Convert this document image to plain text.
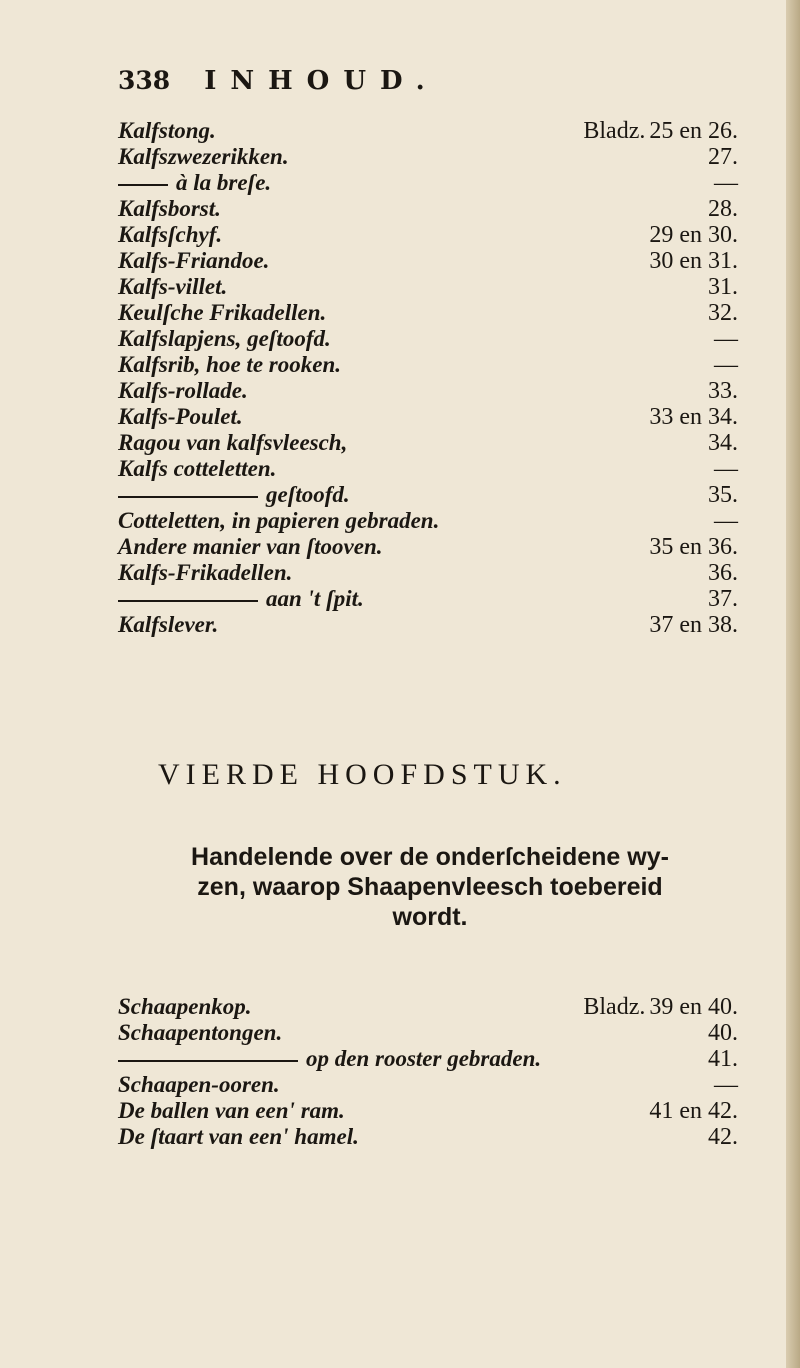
338 INHOUD.
Kalfstong.	Bladz. 25 en 26.
Kalfszwezerikken.	27.
à la breſe.	—
Kalfsborst.	28.
Kalfsſchyf.	29 en 30.
Kalfs-Friandoe.	30 en 31.
Kalfs-villet.	31.
Keulſche Frikadellen.	32.
Kalfslapjens, geſtoofd.	—
Kalfsrib, hoe te rooken.	—
Kalfs-rollade.	33.
Kalfs-Poulet.	33 en 34.
Ragou van kalfsvleesch,	34.
Kalfs cotteletten.	—
geſtoofd.	35.
Cotteletten, in papieren gebraden.	—
Andere manier van ſtooven.	35 en 36.
Kalfs-Frikadellen.	36.
aan 't ſpit.	37.
Kalfslever.	37 en 38.
VIERDE HOOFDSTUK.
Handelende over de onderſcheidene wy-
zen, waarop Shaapenvleesch toebereid
wordt.
Schaapenkop.	Bladz. 39 en 40.
Schaapentongen.	40.
op den rooster gebraden.	41.
Schaapen-ooren.	—
De ballen van een' ram.	41 en 42.
De ſtaart van een' hamel.	42.
